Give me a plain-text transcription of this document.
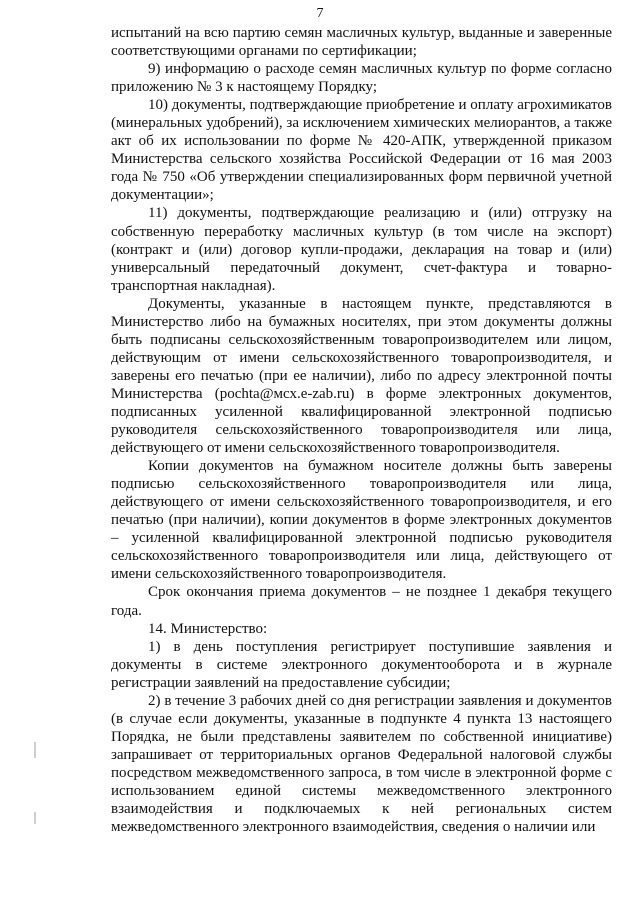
7

испытаний на всю партию семян масличных культур, выданные и заверенные соответствующими органами по сертификации;

9) информацию о расходе семян масличных культур по форме согласно приложению № 3 к настоящему Порядку;

10) документы, подтверждающие приобретение и оплату агрохимикатов (минеральных удобрений), за исключением химических мелиорантов, а также акт об их использовании по форме № 420-АПК, утвержденной приказом Министерства сельского хозяйства Российской Федерации от 16 мая 2003 года № 750 «Об утверждении специализированных форм первичной учетной документации»;

11) документы, подтверждающие реализацию и (или) отгрузку на собственную переработку масличных культур (в том числе на экспорт) (контракт и (или) договор купли-продажи, декларация на товар и (или) универсальный передаточный документ, счет-фактура и товарно-транспортная накладная).

Документы, указанные в настоящем пункте, представляются в Министерство либо на бумажных носителях, при этом документы должны быть подписаны сельскохозяйственным товаропроизводителем или лицом, действующим от имени сельскохозяйственного товаропроизводителя, и заверены его печатью (при ее наличии), либо по адресу электронной почты Министерства (pochta@мсх.e-zab.ru) в форме электронных документов, подписанных усиленной квалифицированной электронной подписью руководителя сельскохозяйственного товаропроизводителя или лица, действующего от имени сельскохозяйственного товаропроизводителя.

Копии документов на бумажном носителе должны быть заверены подписью сельскохозяйственного товаропроизводителя или лица, действующего от имени сельскохозяйственного товаропроизводителя, и его печатью (при наличии), копии документов в форме электронных документов – усиленной квалифицированной электронной подписью руководителя сельскохозяйственного товаропроизводителя или лица, действующего от имени сельскохозяйственного товаропроизводителя.

Срок окончания приема документов – не позднее 1 декабря текущего года.

14. Министерство:

1) в день поступления регистрирует поступившие заявления и документы в системе электронного документооборота и в журнале регистрации заявлений на предоставление субсидии;

2) в течение 3 рабочих дней со дня регистрации заявления и документов (в случае если документы, указанные в подпункте 4 пункта 13 настоящего Порядка, не были представлены заявителем по собственной инициативе) запрашивает от территориальных органов Федеральной налоговой службы посредством межведомственного запроса, в том числе в электронной форме с использованием единой системы межведомственного электронного взаимодействия и подключаемых к ней региональных систем межведомственного электронного взаимодействия, сведения о наличии или
